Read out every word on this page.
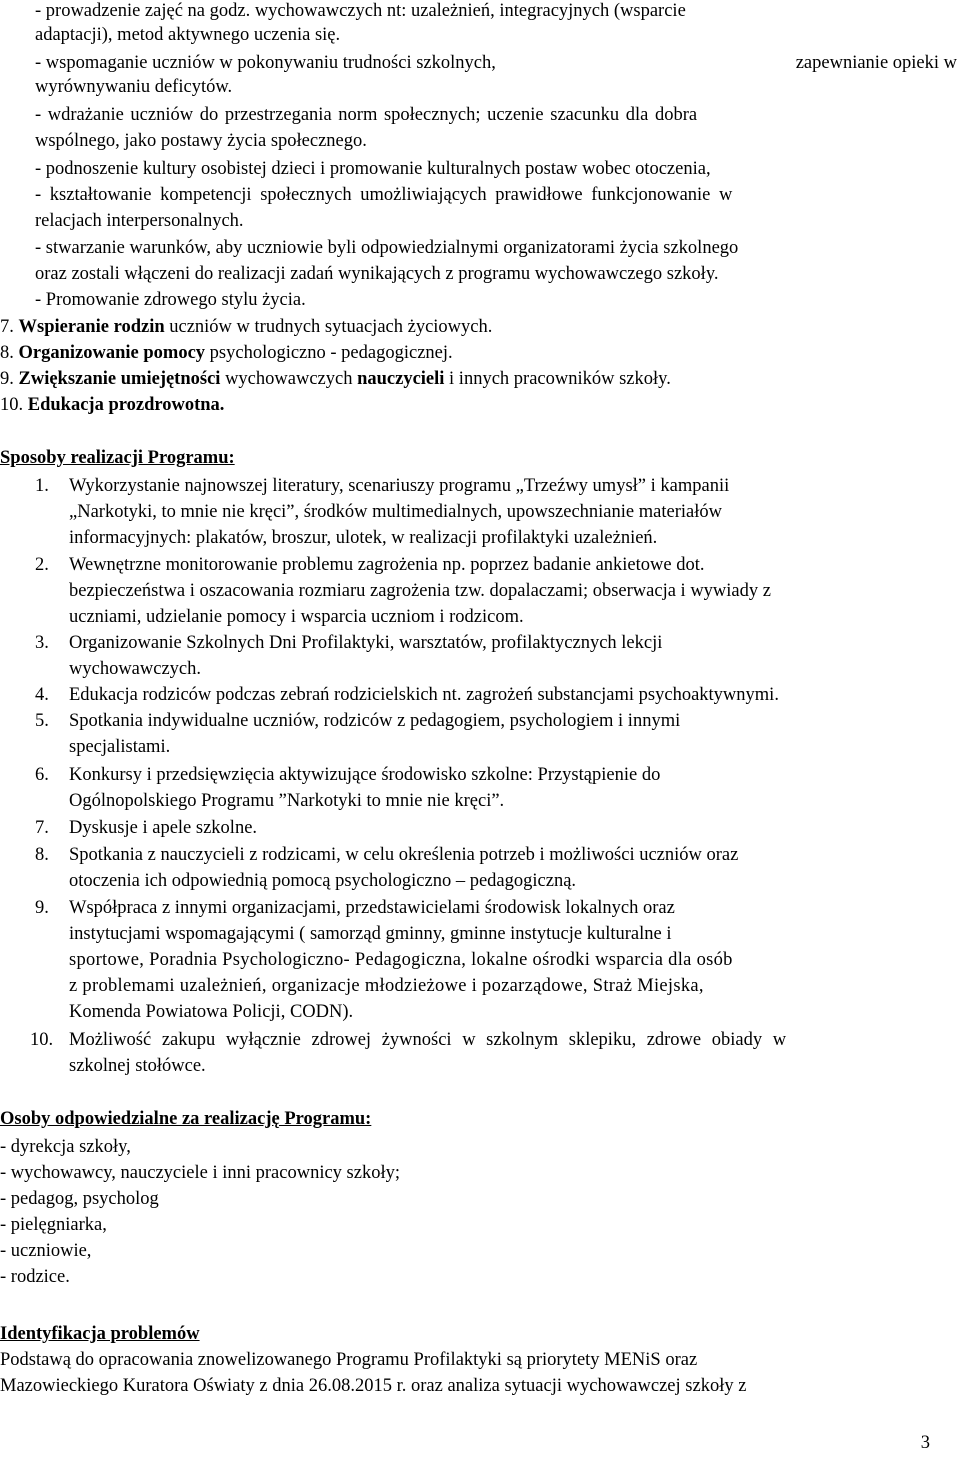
- prowadzenie zajęć na godz. wychowawczych nt: uzależnień, integracyjnych (wsparcie
adaptacji), metod aktywnego uczenia się.
- wspomaganie uczniów w pokonywaniu trudności szkolnych,	zapewnianie opieki w
wyrównywaniu deficytów.
- wdrażanie uczniów do przestrzegania norm społecznych; uczenie szacunku dla dobra
wspólnego, jako postawy życia społecznego.
- podnoszenie kultury osobistej dzieci i promowanie kulturalnych postaw wobec otoczenia,
- kształtowanie kompetencji społecznych umożliwiających prawidłowe funkcjonowanie w
relacjach interpersonalnych.
- stwarzanie warunków, aby uczniowie byli odpowiedzialnymi organizatorami życia szkolnego
oraz zostali włączeni do realizacji zadań wynikających z programu wychowawczego szkoły.
- Promowanie zdrowego stylu życia.
7. Wspieranie rodzin uczniów w trudnych sytuacjach życiowych.
8. Organizowanie pomocy psychologiczno - pedagogicznej.
9. Zwiększanie umiejętności wychowawczych nauczycieli i innych pracowników szkoły.
10. Edukacja prozdrowotna.
Sposoby realizacji Programu:
1. Wykorzystanie najnowszej literatury, scenariuszy programu „Trzeźwy umysł” i kampanii
„Narkotyki, to mnie nie kręci”, środków multimedialnych, upowszechnianie materiałów
informacyjnych: plakatów, broszur, ulotek, w realizacji profilaktyki uzależnień.
2. Wewnętrzne monitorowanie problemu zagrożenia np. poprzez badanie ankietowe dot.
bezpieczeństwa i oszacowania rozmiaru zagrożenia tzw. dopalaczami; obserwacja i wywiady z
uczniami, udzielanie pomocy i wsparcia uczniom i rodzicom.
3. Organizowanie Szkolnych Dni Profilaktyki, warsztatów, profilaktycznych lekcji
wychowawczych.
4. Edukacja rodziców podczas zebrań rodzicielskich nt. zagrożeń substancjami psychoaktywnymi.
5. Spotkania indywidualne uczniów, rodziców z pedagogiem, psychologiem i innymi
specjalistami.
6. Konkursy i przedsięwzięcia aktywizujące środowisko szkolne: Przystąpienie do
Ogólnopolskiego Programu ”Narkotyki to mnie nie kręci”.
7. Dyskusje i apele szkolne.
8. Spotkania z nauczycieli z rodzicami, w celu określenia potrzeb i możliwości uczniów oraz
otoczenia ich odpowiednią pomocą psychologiczno – pedagogiczną.
9. Współpraca z innymi organizacjami, przedstawicielami środowisk lokalnych oraz
instytucjami wspomagającymi ( samorząd gminny, gminne instytucje kulturalne i
sportowe, Poradnia Psychologiczno- Pedagogiczna, lokalne ośrodki wsparcia dla osób
z problemami uzależnień, organizacje młodzieżowe i pozarządowe, Straż Miejska,
Komenda Powiatowa Policji, CODN).
10. Możliwość zakupu wyłącznie zdrowej żywności w szkolnym sklepiku, zdrowe obiady w
szkolnej stołówce.
Osoby odpowiedzialne za realizację Programu:
- dyrekcja szkoły,
- wychowawcy, nauczyciele i inni pracownicy szkoły;
- pedagog, psycholog
- pielęgniarka,
- uczniowie,
- rodzice.
Identyfikacja problemów
Podstawą do opracowania znowelizowanego Programu Profilaktyki są priorytety MENiS oraz
Mazowieckiego Kuratora Oświaty z dnia 26.08.2015 r. oraz analiza sytuacji wychowawczej szkoły z
3
